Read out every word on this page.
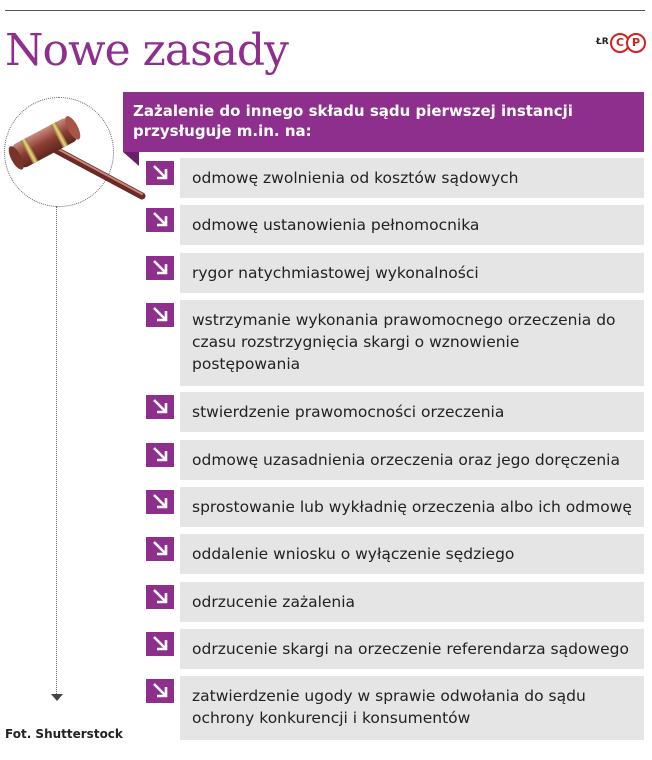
Nowe zasady	ŁR C P
Fot. Shutterstock
Zażalenie do innego składu sądu pierwszej instancji przysługuje m.in. na:
odmowę zwolnienia od kosztów sądowych
odmowę ustanowienia pełnomocnika
rygor natychmiastowej wykonalności
wstrzymanie wykonania prawomocnego orzeczenia do czasu rozstrzygnięcia skargi o wznowienie postępowania
stwierdzenie prawomocności orzeczenia
odmowę uzasadnienia orzeczenia oraz jego doręczenia
sprostowanie lub wykładnię orzeczenia albo ich odmowę
oddalenie wniosku o wyłączenie sędziego
odrzucenie zażalenia
odrzucenie skargi na orzeczenie referendarza sądowego
zatwierdzenie ugody w sprawie odwołania do sądu ochrony konkurencji i konsumentów
